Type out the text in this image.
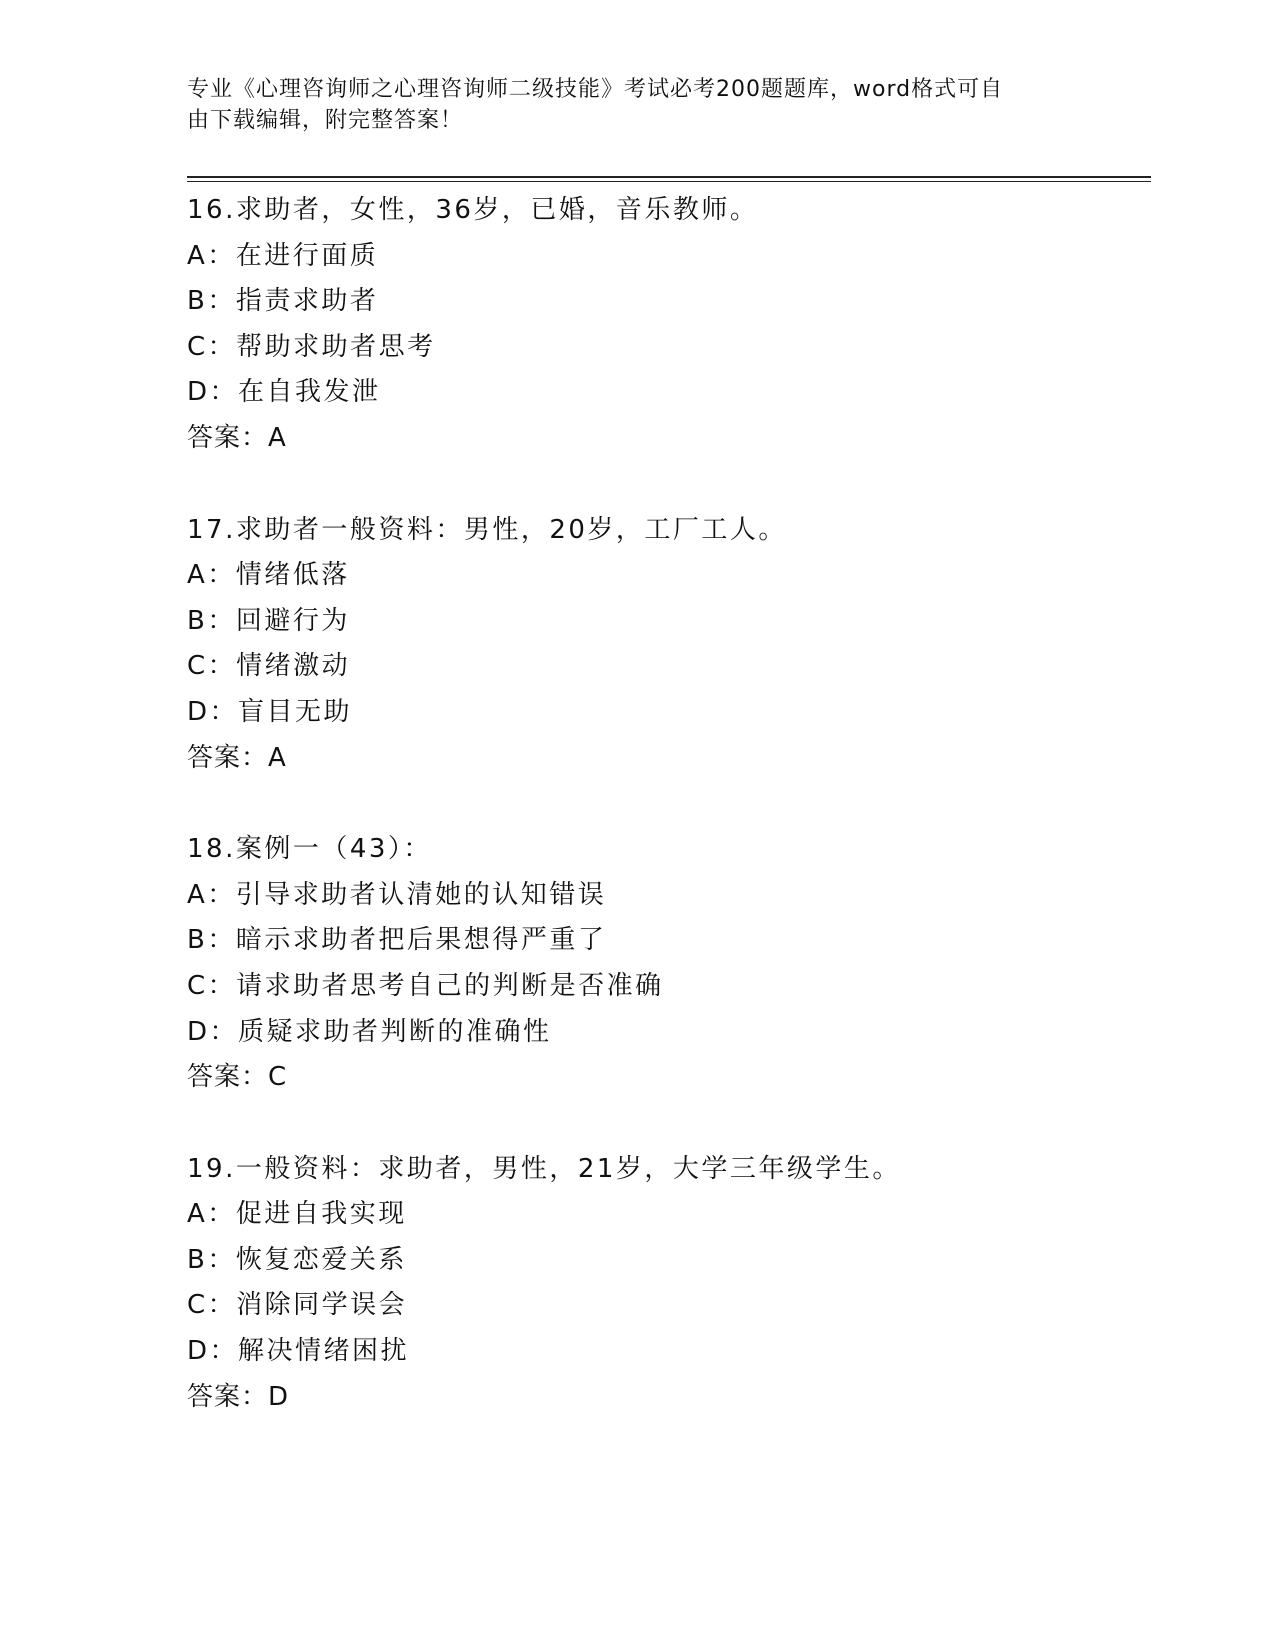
专业《心理咨询师之心理咨询师二级技能》考试必考200题题库，word格式可自
由下载编辑，附完整答案！
16.求助者，女性，36岁，已婚，音乐教师。
A：在进行面质
B：指责求助者
C：帮助求助者思考
D：在自我发泄
答案：A
17.求助者一般资料：男性，20岁，工厂工人。
A：情绪低落
B：回避行为
C：情绪激动
D：盲目无助
答案：A
18.案例一（43）：
A：引导求助者认清她的认知错误
B：暗示求助者把后果想得严重了
C：请求助者思考自己的判断是否准确
D：质疑求助者判断的准确性
答案：C
19.一般资料：求助者，男性，21岁，大学三年级学生。
A：促进自我实现
B：恢复恋爱关系
C：消除同学误会
D：解决情绪困扰
答案：D
